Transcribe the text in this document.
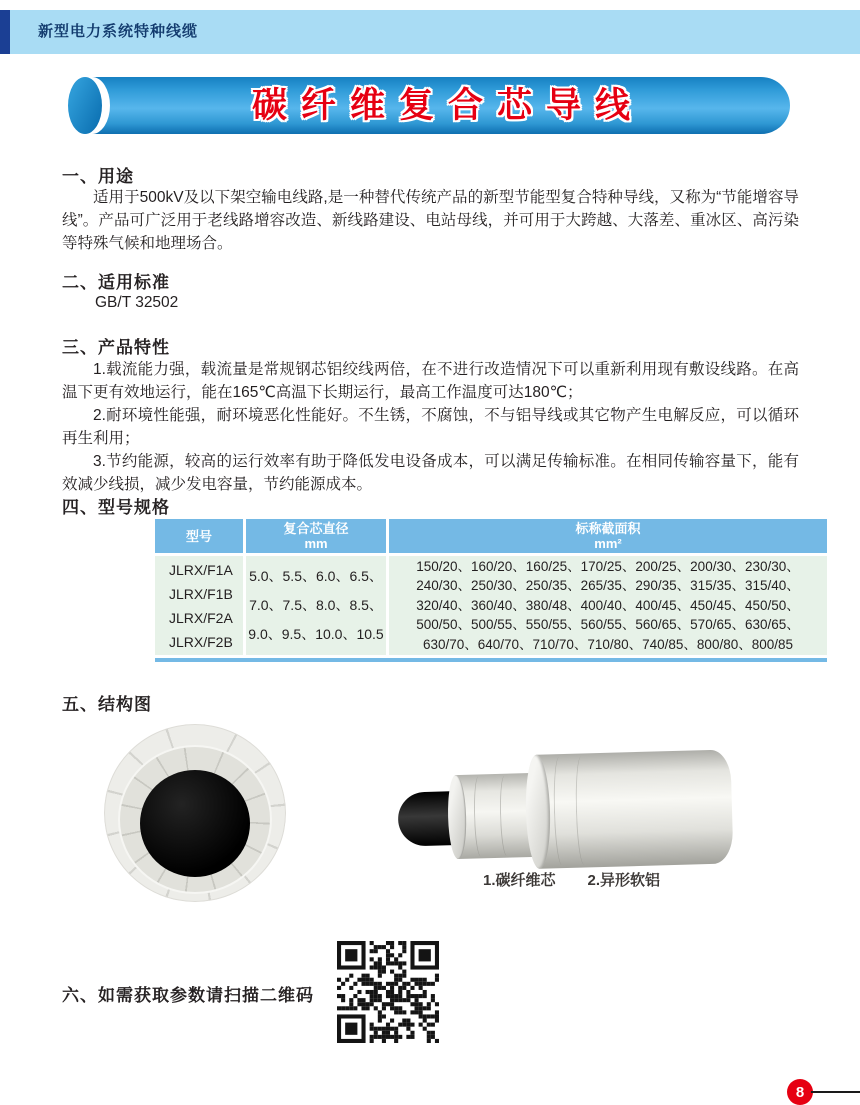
新型电力系统特种线缆
碳纤维复合芯导线
一、用途

适用于500kV及以下架空输电线路,是一种替代传统产品的新型节能型复合特种导线，又称为“节能增容导线”。产品可广泛用于老线路增容改造、新线路建设、电站母线，并可用于大跨越、大落差、重冰区、高污染等特殊气候和地理场合。

二、适用标准
GB/T 32502
三、产品特性

1.载流能力强，载流量是常规钢芯铝绞线两倍，在不进行改造情况下可以重新利用现有敷设线路。在高温下更有效地运行，能在165℃高温下长期运行，最高工作温度可达180℃；

2.耐环境性能强，耐环境恶化性能好。不生锈，不腐蚀，不与铝导线或其它物产生电解反应，可以循环再生利用；

3.节约能源，较高的运行效率有助于降低发电设备成本，可以满足传输标准。在相同传输容量下，能有效减少线损，减少发电容量，节约能源成本。

四、型号规格
型号	复合芯直径
mm
标称截面积
mm²
JLRX/F1A
JLRX/F1B
JLRX/F2A
JLRX/F2B
5.0、5.5、6.0、6.5、
7.0、7.5、8.0、8.5、
9.0、9.5、10.0、10.5
150/20、160/20、160/25、170/25、200/25、200/30、230/30、
240/30、250/30、250/35、265/35、290/35、315/35、315/40、
320/40、360/40、380/48、400/40、400/45、450/45、450/50、
500/50、500/55、550/55、560/55、560/65、570/65、630/65、
630/70、640/70、710/70、710/80、740/85、800/80、800/85
五、结构图
1.碳纤维芯 2.异形软铝
六、如需获取参数请扫描二维码
8
